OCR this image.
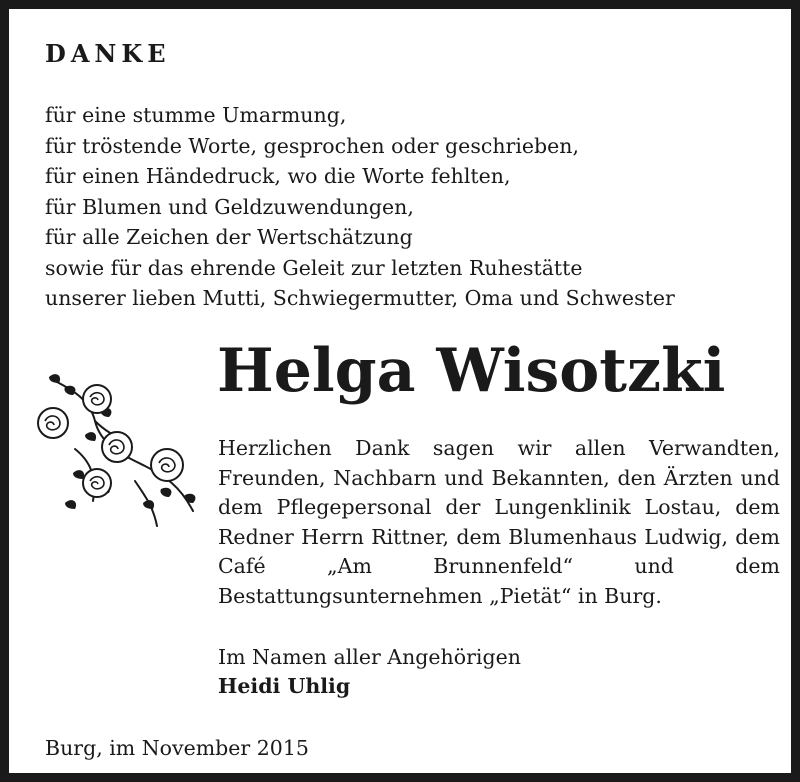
DANKE
für eine stumme Umarmung,
für tröstende Worte, gesprochen oder geschrieben,
für einen Händedruck, wo die Worte fehlten,
für Blumen und Geldzuwendungen,
für alle Zeichen der Wertschätzung
sowie für das ehrende Geleit zur letzten Ruhestätte
unserer lieben Mutti, Schwiegermutter, Oma und Schwester
Helga Wisotzki

Herzlichen Dank sagen wir allen Verwandten, Freunden, Nachbarn und Bekannten, den Ärzten und dem Pflegepersonal der Lungenklinik Lostau, dem Redner Herrn Rittner, dem Blumenhaus Ludwig, dem Café „Am Brunnenfeld“ und dem Bestattungsunternehmen „Pietät“ in Burg.

Im Namen aller Angehörigen
Heidi Uhlig
Burg, im November 2015
